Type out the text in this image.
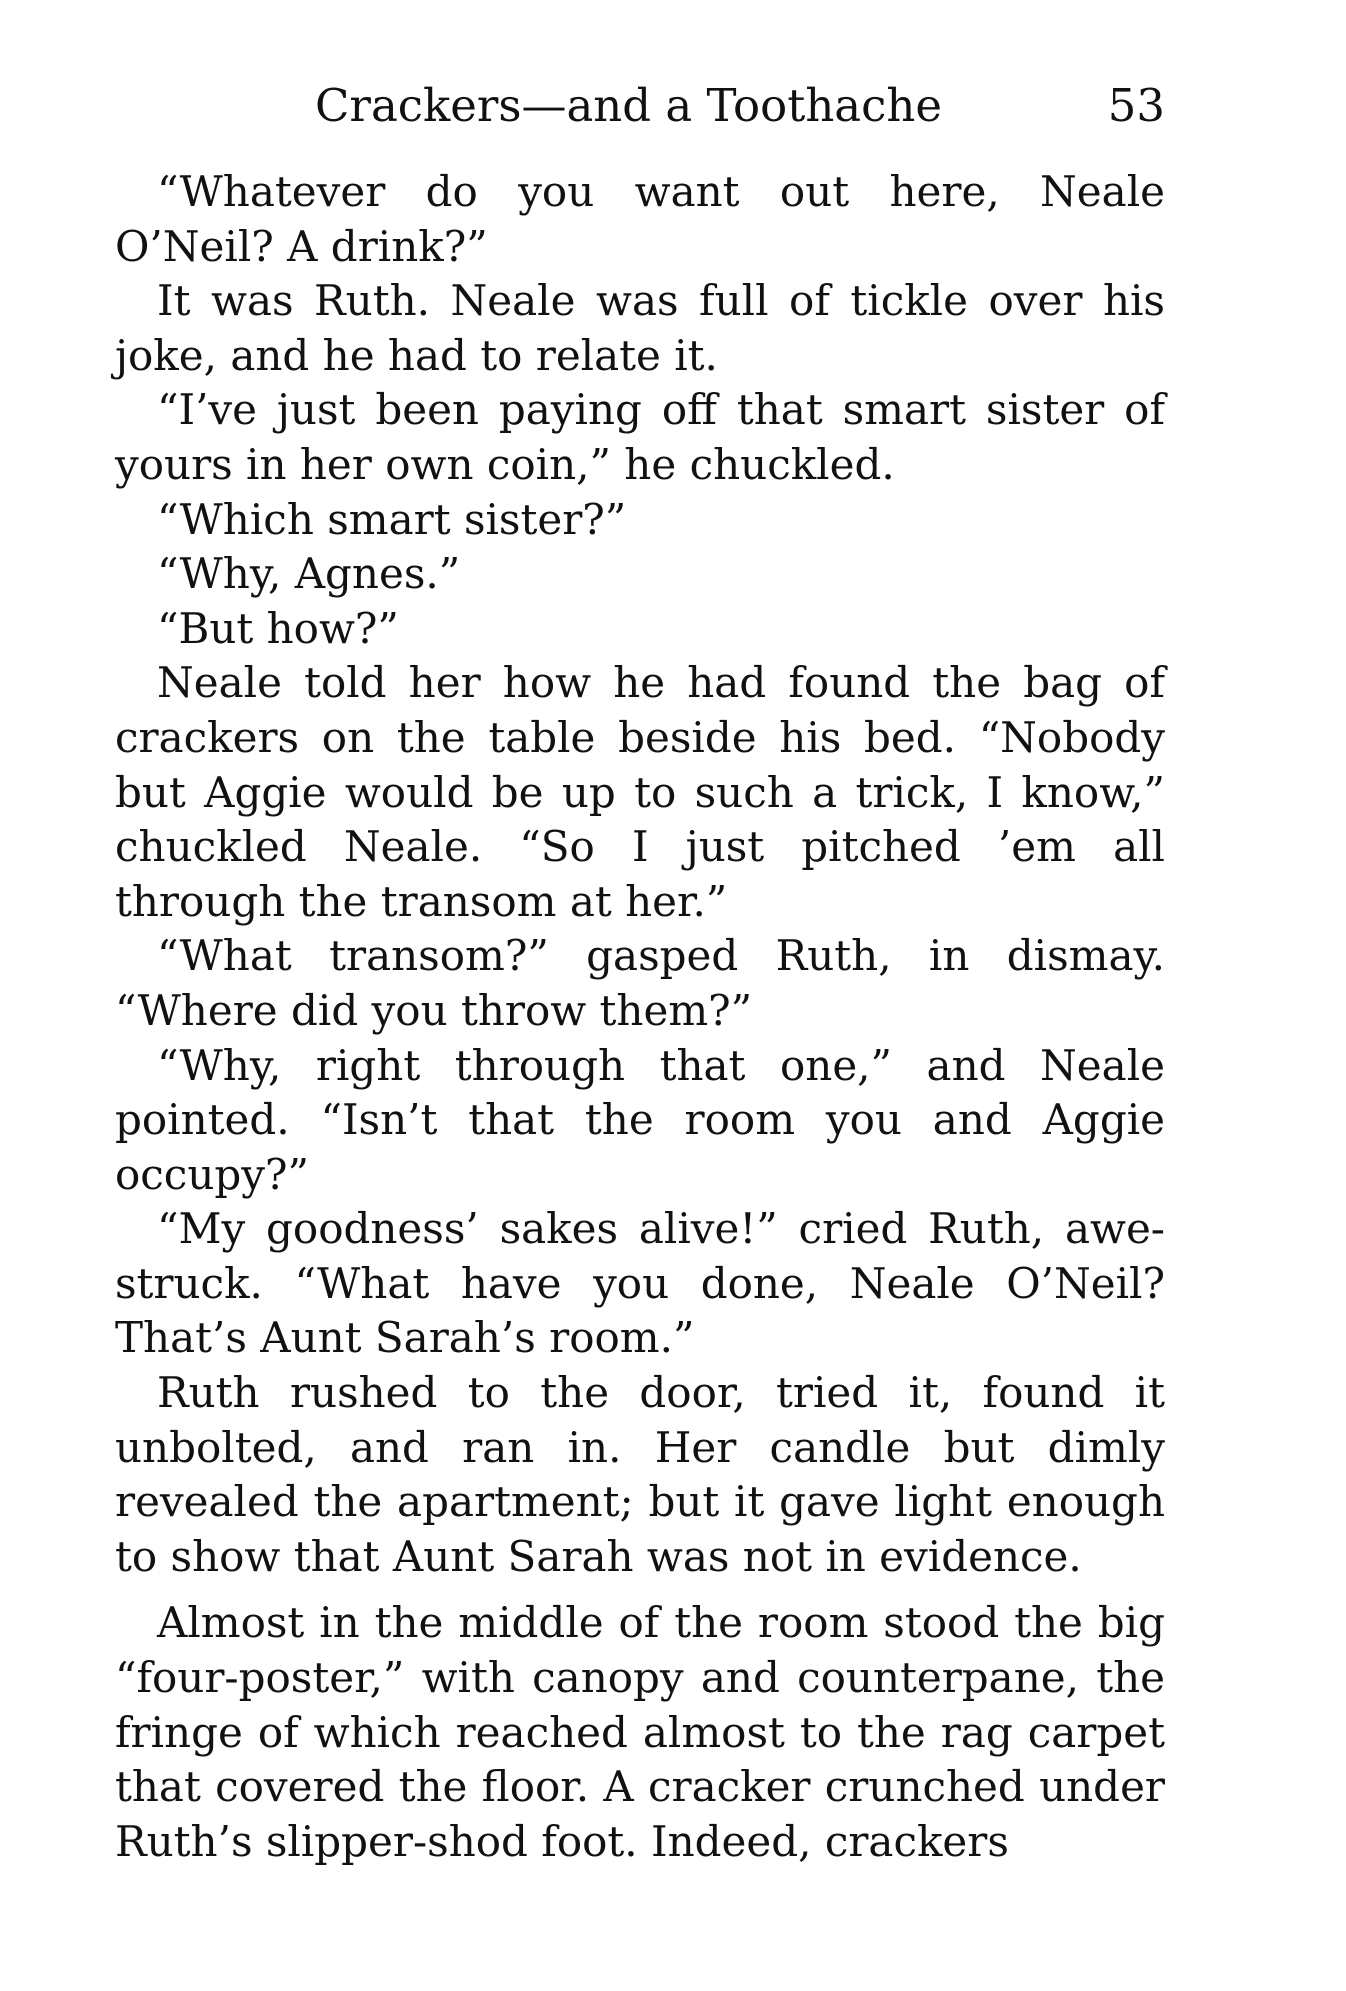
Crackers—and a Toothache	53

“Whatever do you want out here, Neale O’Neil? A drink?”

It was Ruth. Neale was full of tickle over his joke, and he had to relate it.

“I’ve just been paying off that smart sister of yours in her own coin,” he chuckled.

“Which smart sister?”

“Why, Agnes.”

“But how?”

Neale told her how he had found the bag of crackers on the table beside his bed. “Nobody but Aggie would be up to such a trick, I know,” chuckled Neale. “So I just pitched ’em all through the transom at her.”

“What transom?” gasped Ruth, in dismay. “Where did you throw them?”

“Why, right through that one,” and Neale pointed. “Isn’t that the room you and Aggie occupy?”

“My goodness’ sakes alive!” cried Ruth, awe-struck. “What have you done, Neale O’Neil? That’s Aunt Sarah’s room.”

Ruth rushed to the door, tried it, found it unbolted, and ran in. Her candle but dimly revealed the apartment; but it gave light enough to show that Aunt Sarah was not in evidence.

Almost in the middle of the room stood the big “four-poster,” with canopy and counterpane, the fringe of which reached almost to the rag carpet that covered the floor. A cracker crunched under Ruth’s slipper-shod foot. Indeed, crackers
